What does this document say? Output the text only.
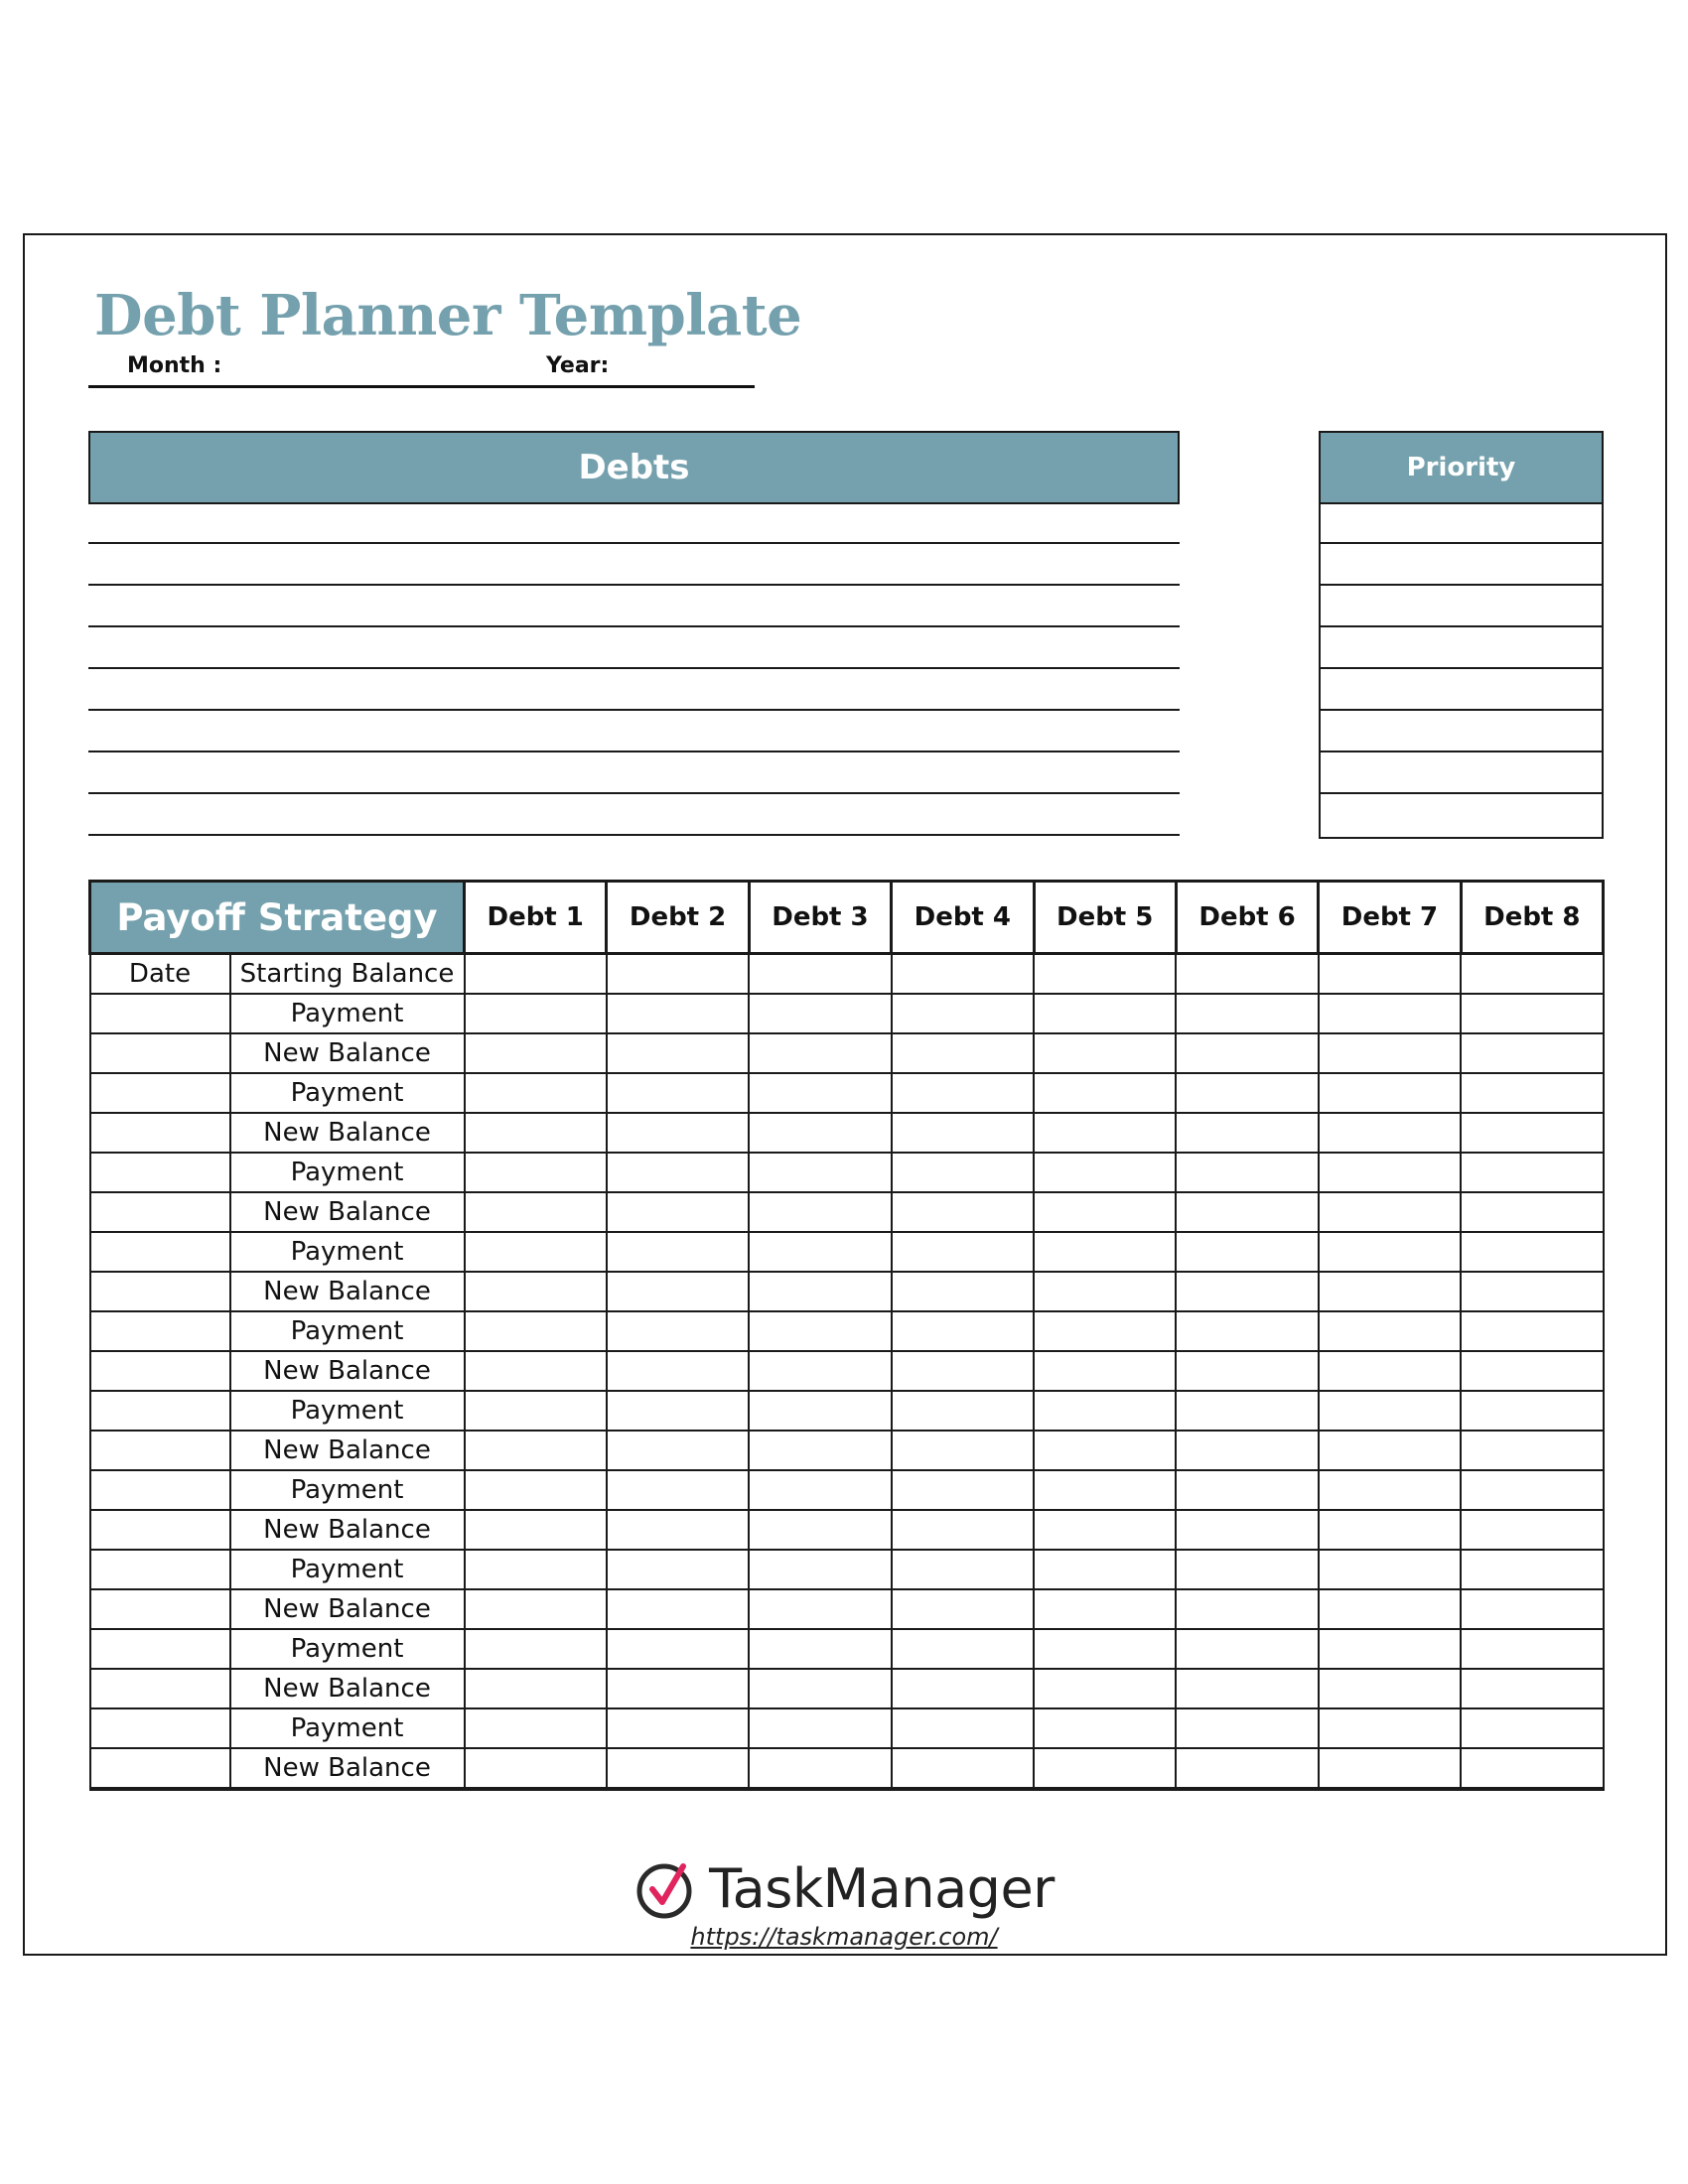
Debt Planner Template
Month :	Year:
Debts	Priority
Payoff Strategy		Debt 1	Debt 2	Debt 3	Debt 4	Debt 5	Debt 6	Debt 7	Debt 8
Date	Starting Balance								
	Payment								
	New Balance								
	Payment								
	New Balance								
	Payment								
	New Balance								
	Payment								
	New Balance								
	Payment								
	New Balance								
	Payment								
	New Balance								
	Payment								
	New Balance								
	Payment								
	New Balance								
	Payment								
	New Balance								
	Payment								
	New Balance								
TaskManager
https://taskmanager.com/
